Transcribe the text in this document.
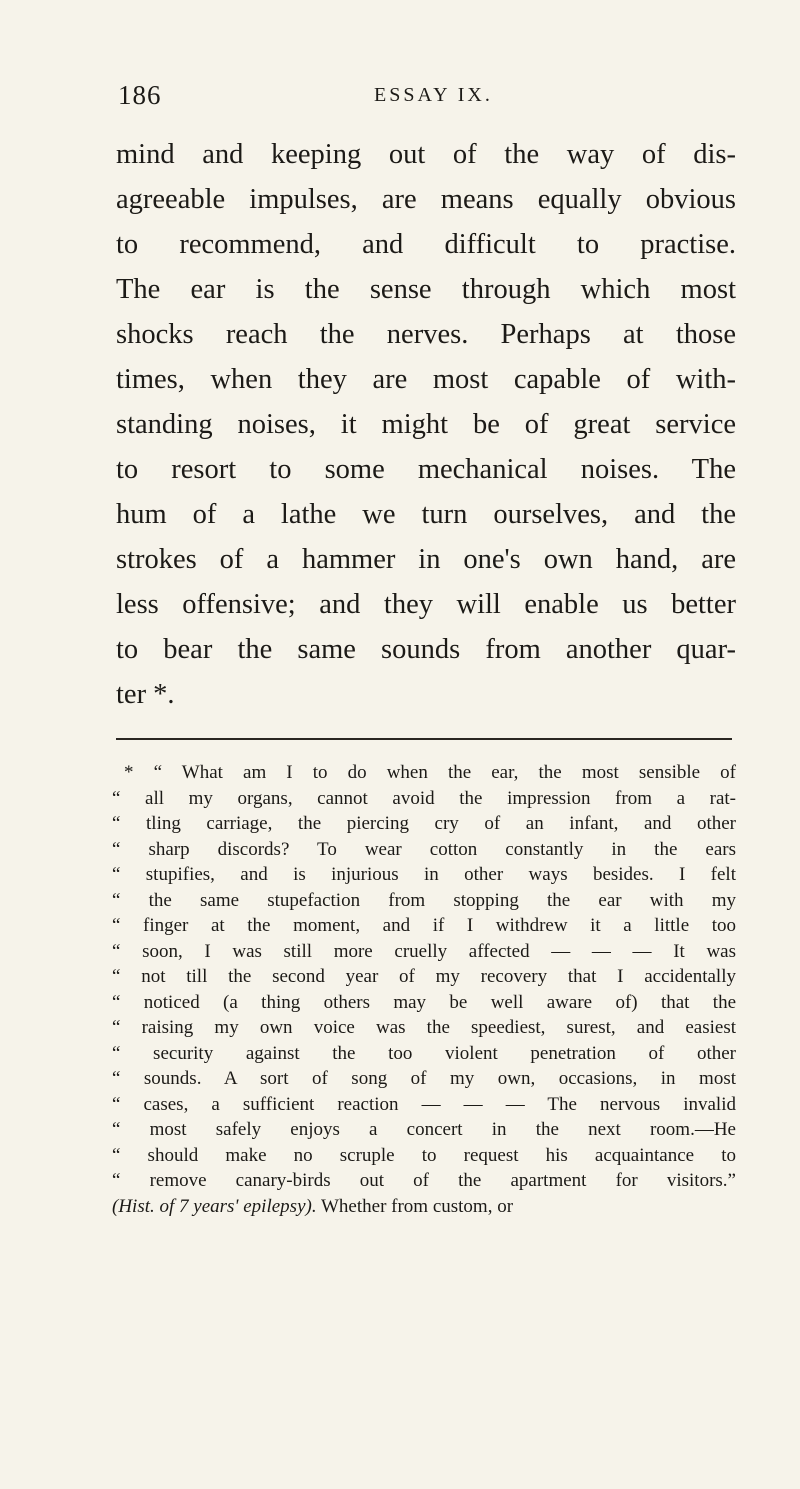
186	ESSAY IX.
mind and keeping out of the way of dis-
agreeable impulses, are means equally obvious
to recommend, and difficult to practise.
The ear is the sense through which most
shocks reach the nerves. Perhaps at those
times, when they are most capable of with-
standing noises, it might be of great service
to resort to some mechanical noises. The
hum of a lathe we turn ourselves, and the
strokes of a hammer in one's own hand, are
less offensive; and they will enable us better
to bear the same sounds from another quar-
ter *.
* “ What am I to do when the ear, the most sensible of
“ all my organs, cannot avoid the impression from a rat-
“ tling carriage, the piercing cry of an infant, and other
“ sharp discords? To wear cotton constantly in the ears
“ stupifies, and is injurious in other ways besides. I felt
“ the same stupefaction from stopping the ear with my
“ finger at the moment, and if I withdrew it a little too
“ soon, I was still more cruelly affected — — — It was
“ not till the second year of my recovery that I accidentally
“ noticed (a thing others may be well aware of) that the
“ raising my own voice was the speediest, surest, and easiest
“ security against the too violent penetration of other
“ sounds. A sort of song of my own, occasions, in most
“ cases, a sufficient reaction — — — The nervous invalid
“ most safely enjoys a concert in the next room.—He
“ should make no scruple to request his acquaintance to
“ remove canary-birds out of the apartment for visitors.”
(Hist. of 7 years' epilepsy). Whether from custom, or
